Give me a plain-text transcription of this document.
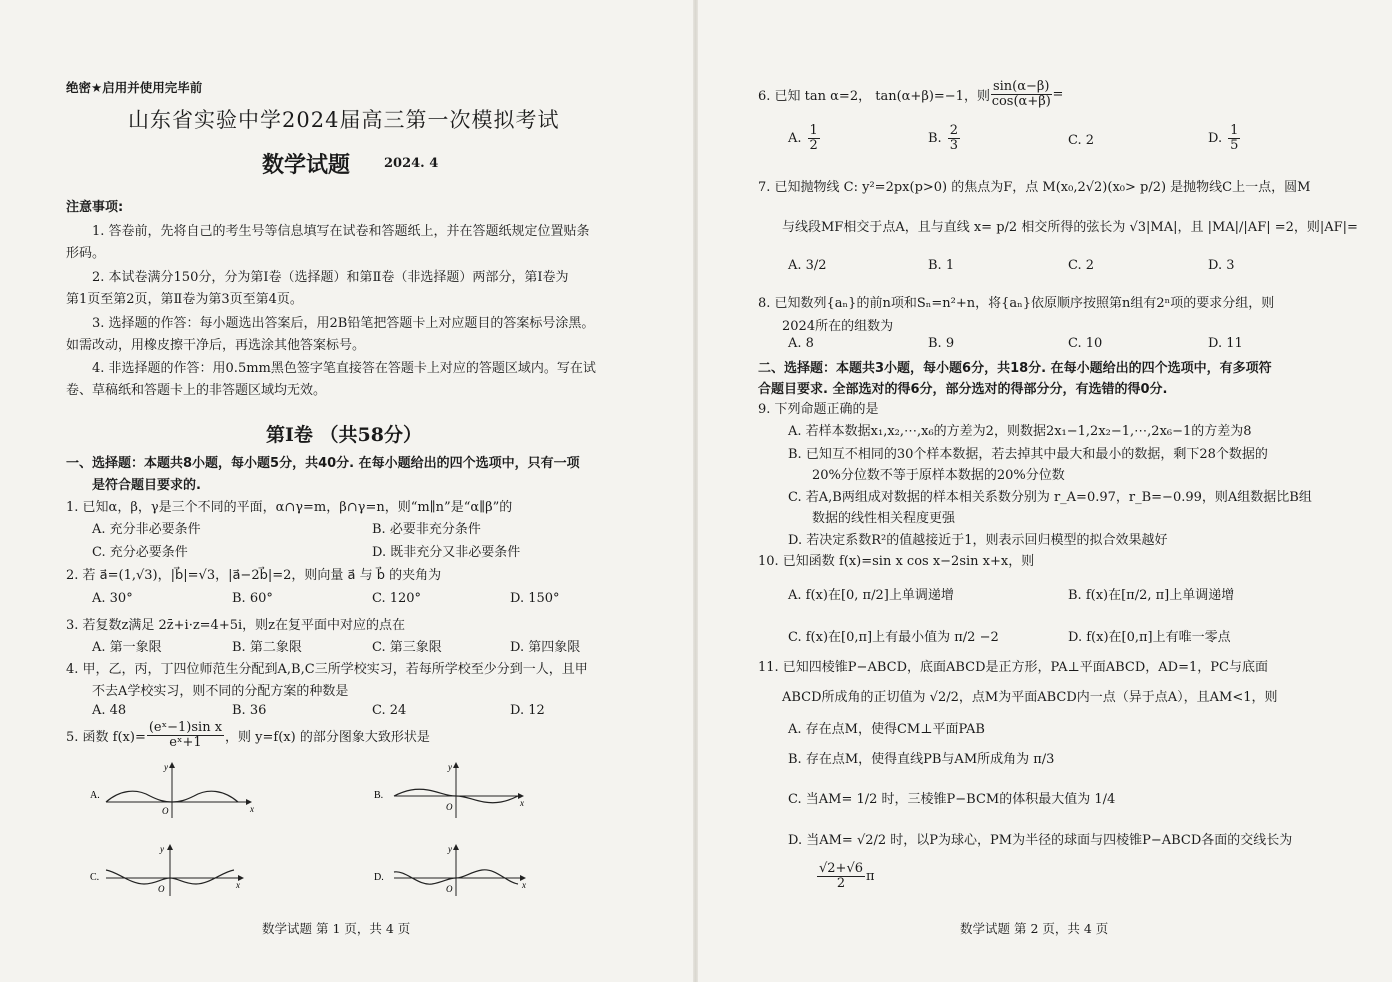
绝密★启用并使用完毕前
山东省实验中学2024届高三第一次模拟考试
数学试题	2024. 4
注意事项:
1. 答卷前，先将自己的考生号等信息填写在试卷和答题纸上，并在答题纸规定位置贴条
形码。
2. 本试卷满分150分，分为第Ⅰ卷（选择题）和第Ⅱ卷（非选择题）两部分，第Ⅰ卷为
第1页至第2页，第Ⅱ卷为第3页至第4页。
3. 选择题的作答：每小题选出答案后，用2B铅笔把答题卡上对应题目的答案标号涂黑。
如需改动，用橡皮擦干净后，再选涂其他答案标号。
4. 非选择题的作答：用0.5mm黑色签字笔直接答在答题卡上对应的答题区域内。写在试
卷、草稿纸和答题卡上的非答题区域均无效。
第Ⅰ卷 （共58分）
一、选择题：本题共8小题，每小题5分，共40分. 在每小题给出的四个选项中，只有一项
是符合题目要求的.
1. 已知α，β，γ是三个不同的平面，α∩γ=m，β∩γ=n，则“m∥n”是“α∥β”的
A. 充分非必要条件	B. 必要非充分条件
C. 充分必要条件	D. 既非充分又非必要条件
2. 若 a⃗=(1,√3)，|b⃗|=√3，|a⃗−2b⃗|=2，则向量 a⃗ 与 b⃗ 的夹角为
A. 30°	B. 60°	C. 120°	D. 150°
3. 若复数z满足 2z̄+i·z=4+5i，则z在复平面中对应的点在
A. 第一象限	B. 第二象限	C. 第三象限	D. 第四象限
4. 甲，乙，丙，丁四位师范生分配到A,B,C三所学校实习，若每所学校至少分到一人，且甲
不去A学校实习，则不同的分配方案的种数是
A. 48	B. 36	C. 24	D. 12
5. 函数 $f(x)= \frac{\text{(eˣ−1)sin x}}{\text{eˣ+1}}$ ，则 y=f(x) 的部分图象大致形状是
A.
O
y
x
B.
O
y
x
C.
O
y
x
D.
O
y
x
数学试题 第 1 页，共 4 页
6. 已知 tan α=2， tan(α+β)=−1，则 $\frac{\sin(\alpha-\beta)}{\cos(\alpha+\beta)}$ =
A. $\frac{1}{2}$	B. $\frac{2}{3}$	C. 2	D. $\frac{1}{5}$
7. 已知抛物线 C: y²=2px(p>0) 的焦点为F，点 M(x₀,2√2)(x₀> p/2) 是抛物线C上一点，圆M
与线段MF相交于点A，且与直线 x= p/2 相交所得的弦长为 √3|MA|，且 |MA|/|AF| =2，则|AF|=
A. 3/2	B. 1	C. 2	D. 3
8. 已知数列{aₙ}的前n项和Sₙ=n²+n，将{aₙ}依原顺序按照第n组有2ⁿ项的要求分组，则
2024所在的组数为
A. 8	B. 9	C. 10	D. 11
二、选择题：本题共3小题，每小题6分，共18分. 在每小题给出的四个选项中，有多项符
合题目要求. 全部选对的得6分，部分选对的得部分分，有选错的得0分.
9. 下列命题正确的是
A. 若样本数据x₁,x₂,⋯,x₆的方差为2，则数据2x₁−1,2x₂−1,⋯,2x₆−1的方差为8
B. 已知互不相同的30个样本数据，若去掉其中最大和最小的数据，剩下28个数据的
20%分位数不等于原样本数据的20%分位数
C. 若A,B两组成对数据的样本相关系数分别为 r_A=0.97，r_B=−0.99，则A组数据比B组
数据的线性相关程度更强
D. 若决定系数R²的值越接近于1，则表示回归模型的拟合效果越好
10. 已知函数 f(x)=sin x cos x−2sin x+x，则
A. f(x)在[0, π/2]上单调递增	B. f(x)在[π/2, π]上单调递增
C. f(x)在[0,π]上有最小值为 π/2 −2	D. f(x)在[0,π]上有唯一零点
11. 已知四棱锥P−ABCD，底面ABCD是正方形，PA⊥平面ABCD，AD=1，PC与底面
ABCD所成角的正切值为 √2/2，点M为平面ABCD内一点（异于点A），且AM<1，则
A. 存在点M，使得CM⊥平面PAB
B. 存在点M，使得直线PB与AM所成角为 π/3
C. 当AM= 1/2 时，三棱锥P−BCM的体积最大值为 1/4
D. 当AM= √2/2 时，以P为球心，PM为半径的球面与四棱锥P−ABCD各面的交线长为
$\frac{√2+√6}{2}$ π
数学试题 第 2 页，共 4 页
